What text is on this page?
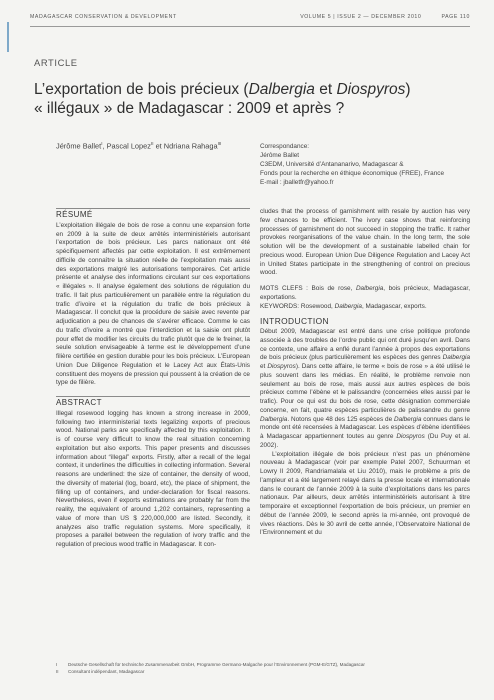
MADAGASCAR CONSERVATION & DEVELOPMENT	VOLUME 5 | ISSUE 2 — DECEMBER 2010	PAGE 110
ARTICLE
L’exportation de bois précieux (Dalbergia et Diospyros)
« illégaux » de Madagascar : 2009 et après ?
Jérôme Ballet$^I$, Pascal Lopez$^{II}$ et Ndriana Rahaga$^{III}$	Correspondance:
Jérôme Ballet
C3EDM, Université d’Antananarivo, Madagascar &
Fonds pour la recherche en éthique économique (FREE), France
E-mail : jballetfr@yahoo.fr
RÉSUMÉ

L’exploitation illégale de bois de rose a connu une expansion forte en 2009 à la suite de deux arrêtés interministériels autorisant l’exportation de bois précieux. Les parcs nationaux ont été spécifiquement affectés par cette exploitation. Il est extrêmement difficile de connaître la situation réelle de l’exploitation mais aussi des exportations malgré les autorisations temporaires. Cet article présente et analyse des informations circulant sur ces exportations « illégales ». Il analyse également des solutions de régulation du trafic. Il fait plus particulièrement un parallèle entre la régulation du trafic d’ivoire et la régulation du trafic de bois précieux à Madagascar. Il conclut que la procédure de saisie avec revente par adjudication a peu de chances de s’avérer efficace. Comme le cas du trafic d’ivoire a montré que l’interdiction et la saisie ont plutôt pour effet de modifier les circuits du trafic plutôt que de le freiner, la seule solution envisageable à terme est le développement d’une filière certifiée en gestion durable pour les bois précieux. L’European Union Due Diligence Regulation et le Lacey Act aux États-Unis constituent des moyens de pression qui poussent à la création de ce type de filière.

ABSTRACT

Illegal rosewood logging has known a strong increase in 2009, following two interministerial texts legalizing exports of precious wood. National parks are specifically affected by this exploitation. It is of course very difficult to know the real situation concerning exploitation but also exports. This paper presents and discusses information about “illegal” exports. Firstly, after a recall of the legal context, it underlines the difficulties in collecting information. Several reasons are underlined: the size of container, the density of wood, the diversity of material (log, board, etc), the place of shipment, the filling up of containers, and under-declaration for fiscal reasons. Nevertheless, even if exports estimations are probably far from the reality, the equivalent of around 1,202 containers, representing a value of more than US $ 220,000,000 are listed. Secondly, it analyzes also traffic regulation systems. More specifically, it proposes a parallel between the regulation of ivory traffic and the regulation of precious wood traffic in Madagascar. It con-

cludes that the process of garnishment with resale by auction has very few chances to be efficient. The ivory case shows that reinforcing processes of garnishment do not succeed in stopping the traffic. It rather provokes reorganisations of the value chain. In the long term, the sole solution will be the development of a sustainable labelled chain for precious wood. European Union Due Diligence Regulation and Lacey Act in United States participate in the strengthening of control on precious wood.

MOTS CLEFS : Bois de rose, Dalbergia, bois précieux, Madagascar, exportations.

KEYWORDS: Rosewood, Dalbergia, Madagascar, exports.

INTRODUCTION

Début 2009, Madagascar est entré dans une crise politique profonde associée à des troubles de l’ordre public qui ont duré jusqu’en avril. Dans ce contexte, une affaire a enflé durant l’année à propos des exportations de bois précieux (plus particulièrement les espèces des genres Dalbergia et Diospyros). Dans cette affaire, le terme « bois de rose » a été utilisé le plus souvent dans les médias. En réalité, le problème renvoie non seulement au bois de rose, mais aussi aux autres espèces de bois précieux comme l’ébène et le palissandre (concernées elles aussi par le trafic). Pour ce qui est du bois de rose, cette désignation commerciale concerne, en fait, quatre espèces particulières de palissandre du genre Dalbergia. Notons que 48 des 125 espèces de Dalbergia connues dans le monde ont été recensées à Madagascar. Les espèces d’ébène identifiées à Madagascar appartiennent toutes au genre Diospyros (Du Puy et al. 2002).

L’exploitation illégale de bois précieux n’est pas un phénomène nouveau à Madagascar (voir par exemple Patel 2007, Schuurman et Lowry II 2009, Randriamalala et Liu 2010), mais le problème a pris de l’ampleur et a été largement relayé dans la presse locale et internationale dans le courant de l’année 2009 à la suite d’exploitations dans les parcs nationaux. Par ailleurs, deux arrêtés interministériels autorisant à titre temporaire et exceptionnel l’exportation de bois précieux, un premier en début de l’année 2009, le second après la mi-année, ont provoqué de vives réactions. Dès le 30 avril de cette année, l’Observatoire National de l’Environnement et du

I Deutsche Gesellschaft für technische Zusammenarbeit GmbH, Programme Germano-Malgache pour l’Environnement (PGM-E/GTZ), Madagascar
II Consultant indépendant, Madagascar
